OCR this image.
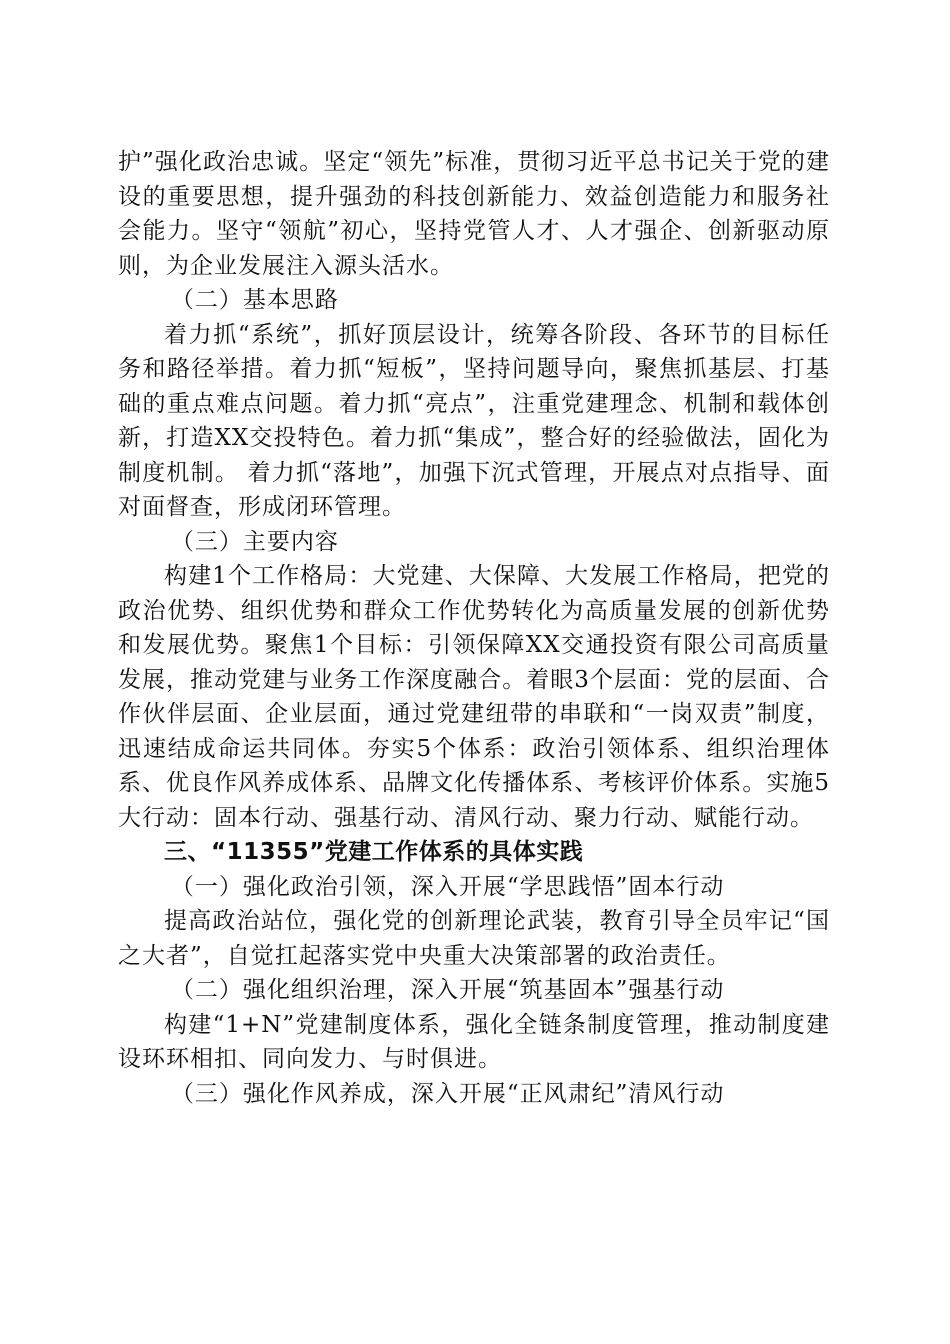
护”强化政治忠诚。坚定“领先”标准，贯彻习近平总书记关于党的建设的重要思想，提升强劲的科技创新能力、效益创造能力和服务社会能力。坚守“领航”初心，坚持党管人才、人才强企、创新驱动原则，为企业发展注入源头活水。

（二）基本思路

着力抓“系统”，抓好顶层设计，统筹各阶段、各环节的目标任务和路径举措。着力抓“短板”，坚持问题导向，聚焦抓基层、打基础的重点难点问题。着力抓“亮点”，注重党建理念、机制和载体创新，打造XX交投特色。着力抓“集成”，整合好的经验做法，固化为制度机制。 着力抓“落地”，加强下沉式管理，开展点对点指导、面对面督查，形成闭环管理。

（三）主要内容

构建1个工作格局：大党建、大保障、大发展工作格局，把党的政治优势、组织优势和群众工作优势转化为高质量发展的创新优势和发展优势。聚焦1个目标：引领保障XX交通投资有限公司高质量发展，推动党建与业务工作深度融合。着眼3个层面：党的层面、合作伙伴层面、企业层面，通过党建纽带的串联和“一岗双责”制度，迅速结成命运共同体。夯实5个体系：政治引领体系、组织治理体系、优良作风养成体系、品牌文化传播体系、考核评价体系。实施5大行动：固本行动、强基行动、清风行动、聚力行动、赋能行动。

三、“11355”党建工作体系的具体实践

（一）强化政治引领，深入开展“学思践悟”固本行动

提高政治站位，强化党的创新理论武装，教育引导全员牢记“国之大者”，自觉扛起落实党中央重大决策部署的政治责任。

（二）强化组织治理，深入开展“筑基固本”强基行动

构建“1+N”党建制度体系，强化全链条制度管理，推动制度建设环环相扣、同向发力、与时俱进。

（三）强化作风养成，深入开展“正风肃纪”清风行动
